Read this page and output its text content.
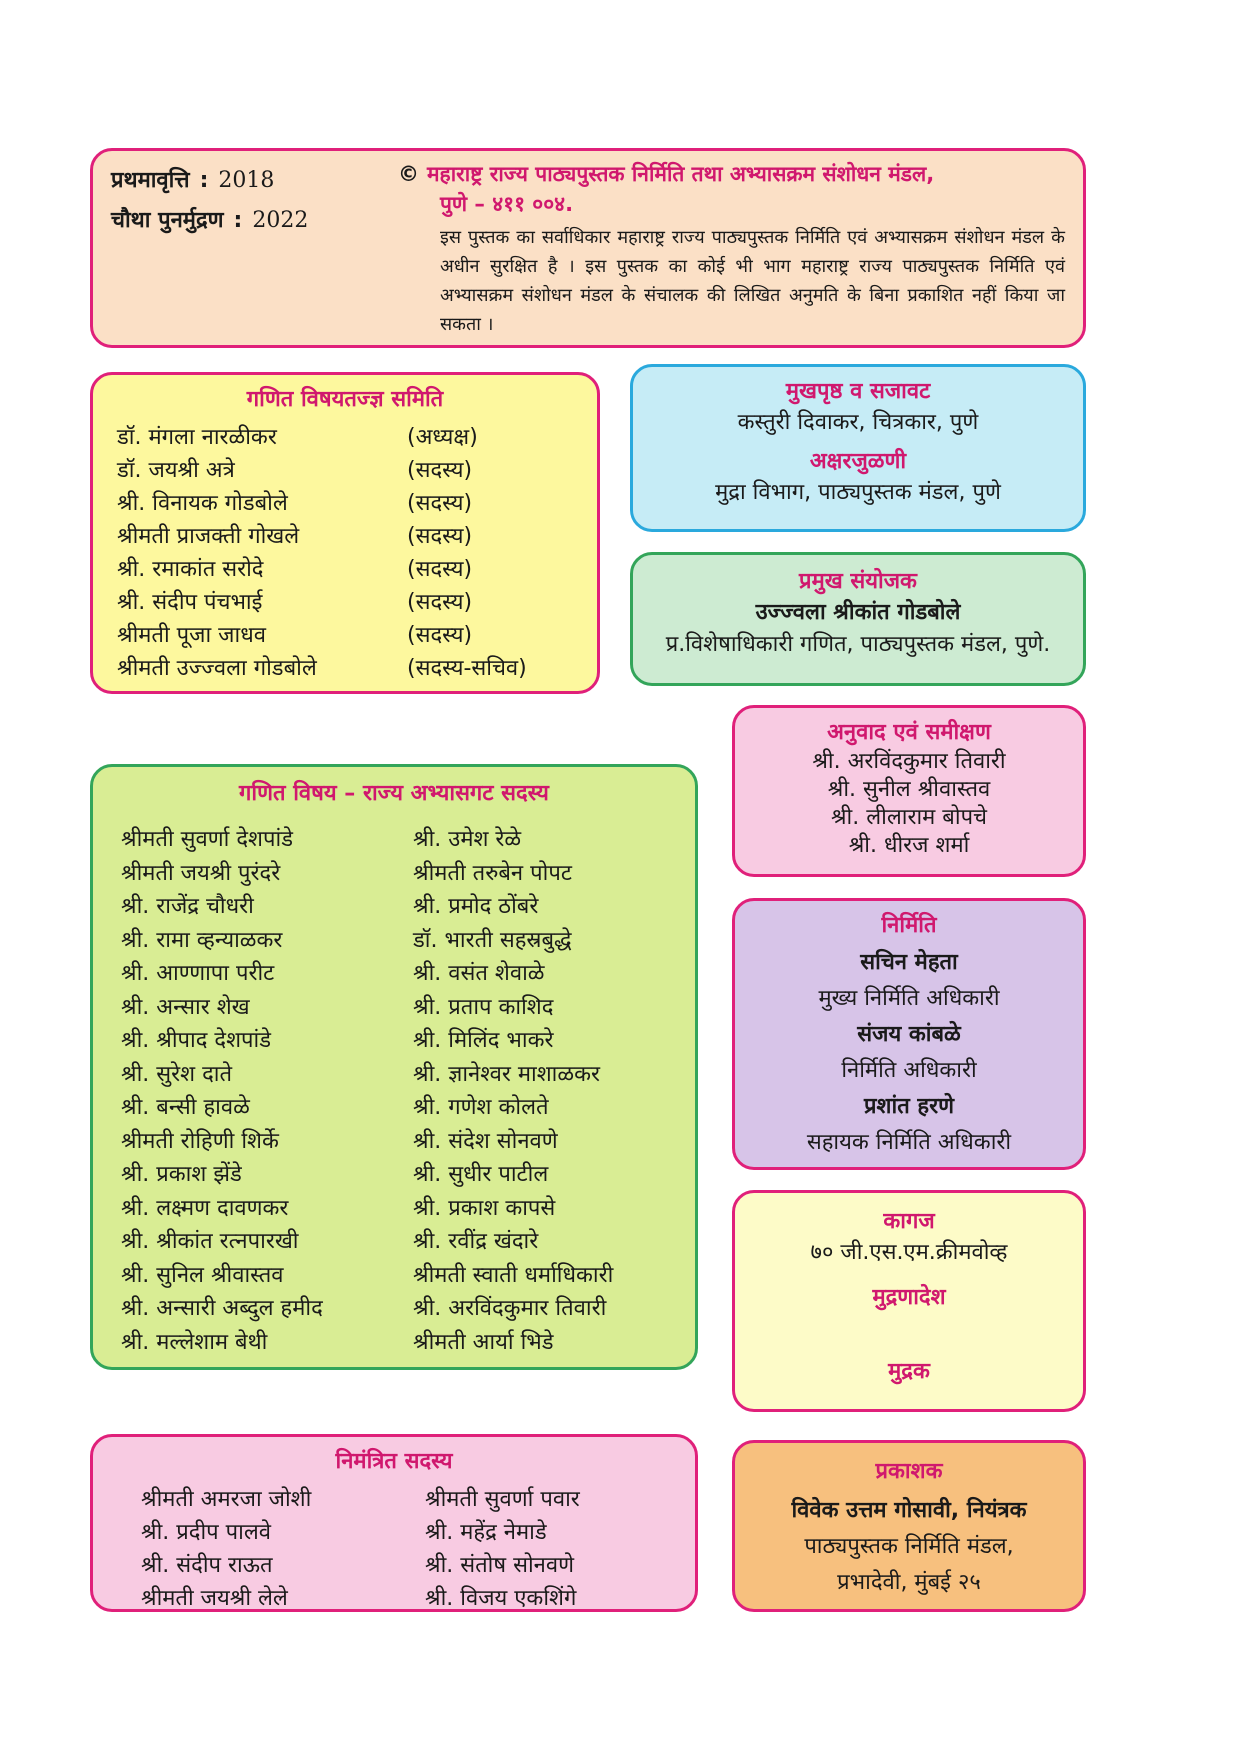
प्रथमावृत्ति : 2018
चौथा पुनर्मुद्रण : 2022
© महाराष्ट्र राज्य पाठ्यपुस्तक निर्मिति तथा अभ्यासक्रम संशोधन मंडल,
पुणे – ४११ ००४.
इस पुस्तक का सर्वाधिकार महाराष्ट्र राज्य पाठ्यपुस्तक निर्मिति एवं अभ्यासक्रम संशोधन मंडल के अधीन सुरक्षित है । इस पुस्तक का कोई भी भाग महाराष्ट्र राज्य पाठ्यपुस्तक निर्मिति एवं अभ्यासक्रम संशोधन मंडल के संचालक की लिखित अनुमति के बिना प्रकाशित नहीं किया जा सकता ।
गणित विषयतज्ज्ञ समिति
डॉ. मंगला नारळीकर	(अध्यक्ष)
डॉ. जयश्री अत्रे	(सदस्य)
श्री. विनायक गोडबोले	(सदस्य)
श्रीमती प्राजक्ती गोखले	(सदस्य)
श्री. रमाकांत सरोदे	(सदस्य)
श्री. संदीप पंचभाई	(सदस्य)
श्रीमती पूजा जाधव	(सदस्य)
श्रीमती उज्ज्वला गोडबोले	(सदस्य-सचिव)
मुखपृष्ठ व सजावट
कस्तुरी दिवाकर, चित्रकार, पुणे
अक्षरजुळणी
मुद्रा विभाग, पाठ्यपुस्तक मंडल, पुणे
प्रमुख संयोजक
उज्ज्वला श्रीकांत गोडबोले
प्र.विशेषाधिकारी गणित, पाठ्यपुस्तक मंडल, पुणे.
अनुवाद एवं समीक्षण
श्री. अरविंदकुमार तिवारी
श्री. सुनील श्रीवास्तव
श्री. लीलाराम बोपचे
श्री. धीरज शर्मा
गणित विषय – राज्य अभ्यासगट सदस्य
श्रीमती सुवर्णा देशपांडे	श्री. उमेश रेळे
श्रीमती जयश्री पुरंदरे	श्रीमती तरुबेन पोपट
श्री. राजेंद्र चौधरी	श्री. प्रमोद ठोंबरे
श्री. रामा व्हन्याळकर	डॉ. भारती सहस्रबुद्धे
श्री. आण्णापा परीट	श्री. वसंत शेवाळे
श्री. अन्सार शेख	श्री. प्रताप काशिद
श्री. श्रीपाद देशपांडे	श्री. मिलिंद भाकरे
श्री. सुरेश दाते	श्री. ज्ञानेश्वर माशाळकर
श्री. बन्सी हावळे	श्री. गणेश कोलते
श्रीमती रोहिणी शिर्के	श्री. संदेश सोनवणे
श्री. प्रकाश झेंडे	श्री. सुधीर पाटील
श्री. लक्ष्मण दावणकर	श्री. प्रकाश कापसे
श्री. श्रीकांत रत्नपारखी	श्री. रवींद्र खंदारे
श्री. सुनिल श्रीवास्तव	श्रीमती स्वाती धर्माधिकारी
श्री. अन्सारी अब्दुल हमीद	श्री. अरविंदकुमार तिवारी
श्री. मल्लेशाम बेथी	श्रीमती आर्या भिडे
निर्मिति
सचिन मेहता
मुख्य निर्मिति अधिकारी
संजय कांबळे
निर्मिति अधिकारी
प्रशांत हरणे
सहायक निर्मिति अधिकारी
कागज
७० जी.एस.एम.क्रीमवोव्ह
मुद्रणादेश
मुद्रक
निमंत्रित सदस्य
श्रीमती अमरजा जोशी	श्रीमती सुवर्णा पवार
श्री. प्रदीप पालवे	श्री. महेंद्र नेमाडे
श्री. संदीप राऊत	श्री. संतोष सोनवणे
श्रीमती जयश्री लेले	श्री. विजय एकशिंगे
प्रकाशक
विवेक उत्तम गोसावी, नियंत्रक
पाठ्यपुस्तक निर्मिति मंडल,
प्रभादेवी, मुंबई २५
